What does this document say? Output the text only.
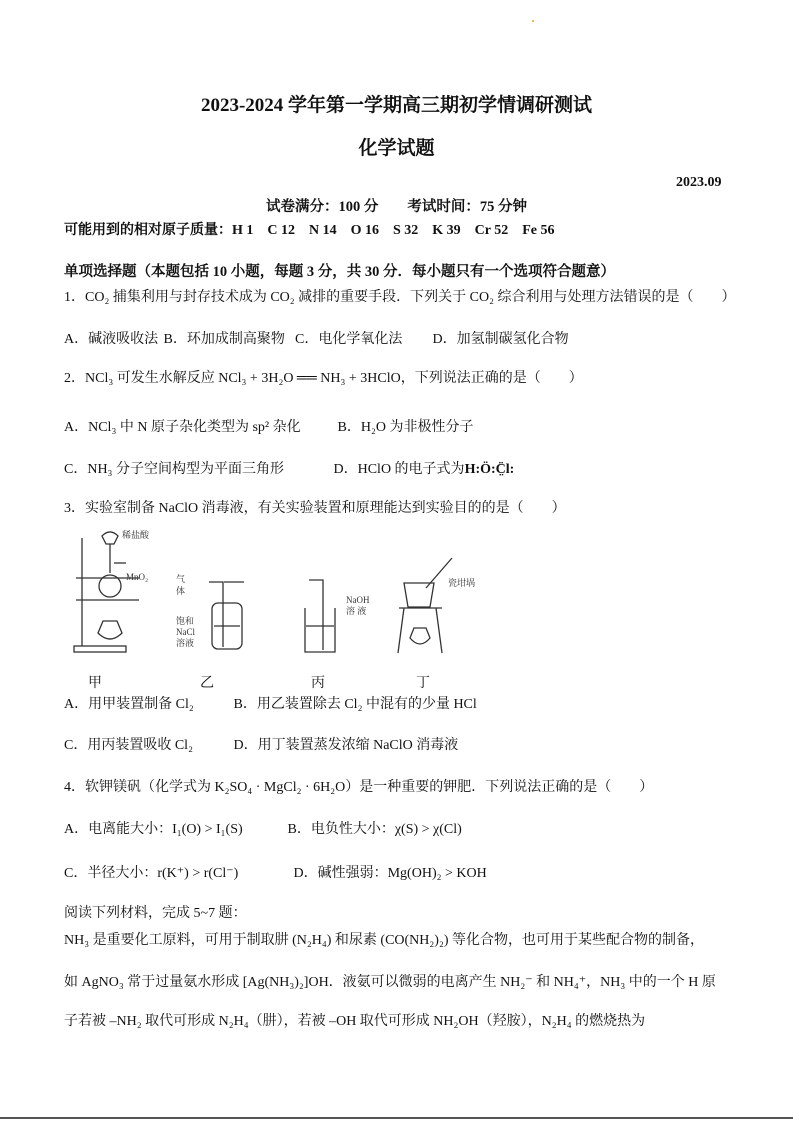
2023-2024 学年第一学期高三期初学情调研测试
化学试题
2023.09
试卷满分：100 分　　考试时间：75 分钟
可能用到的相对原子质量：H 1　C 12　N 14　O 16　S 32　K 39　Cr 52　Fe 56
单项选择题（本题包括 10 小题，每题 3 分，共 30 分．每小题只有一个选项符合题意）
1．CO₂ 捕集利用与封存技术成为 CO₂ 减排的重要手段．下列关于 CO₂ 综合利用与处理方法错误的是（　　）
A．碱液吸收法 B．环加成制高聚物 C．电化学氧化法 D．加氢制碳氢化合物
2．NCl₃ 可发生水解反应 NCl₃ + 3H₂O ══ NH₃ + 3HClO，下列说法正确的是（　　）
A．NCl₃ 中 N 原子杂化类型为 sp² 杂化	B．H₂O 为非极性分子
C．NH₃ 分子空间构型为平面三角形	D．HClO 的电子式为H:Ö:C̤̈l:
3．实验室制备 NaClO 消毒液，有关实验装置和原理能达到实验目的的是（　　）
稀盐酸
MnO₂	气
体
饱和
NaCl
溶液
NaOH
溶 液
瓷坩埚
甲	乙	丙	丁
A．用甲装置制备 Cl₂	B．用乙装置除去 Cl₂ 中混有的少量 HCl
C．用丙装置吸收 Cl₂	D．用丁装置蒸发浓缩 NaClO 消毒液
4．软钾镁矾（化学式为 K₂SO₄ · MgCl₂ · 6H₂O）是一种重要的钾肥．下列说法正确的是（　　）
A．电离能大小：I₁(O) > I₁(S)	B．电负性大小：χ(S) > χ(Cl)
C．半径大小：r(K⁺) > r(Cl⁻)	D．碱性强弱：Mg(OH)₂ > KOH
阅读下列材料，完成 5~7 题：
NH₃ 是重要化工原料，可用于制取肼 (N₂H₄) 和尿素 (CO(NH₂)₂) 等化合物，也可用于某些配合物的制备，
如 AgNO₃ 常于过量氨水形成 [Ag(NH₃)₂]OH．液氨可以微弱的电离产生 NH₂⁻ 和 NH₄⁺，NH₃ 中的一个 H 原
子若被 –NH₂ 取代可形成 N₂H₄（肼），若被 –OH 取代可形成 NH₂OH（羟胺），N₂H₄ 的燃烧热为
